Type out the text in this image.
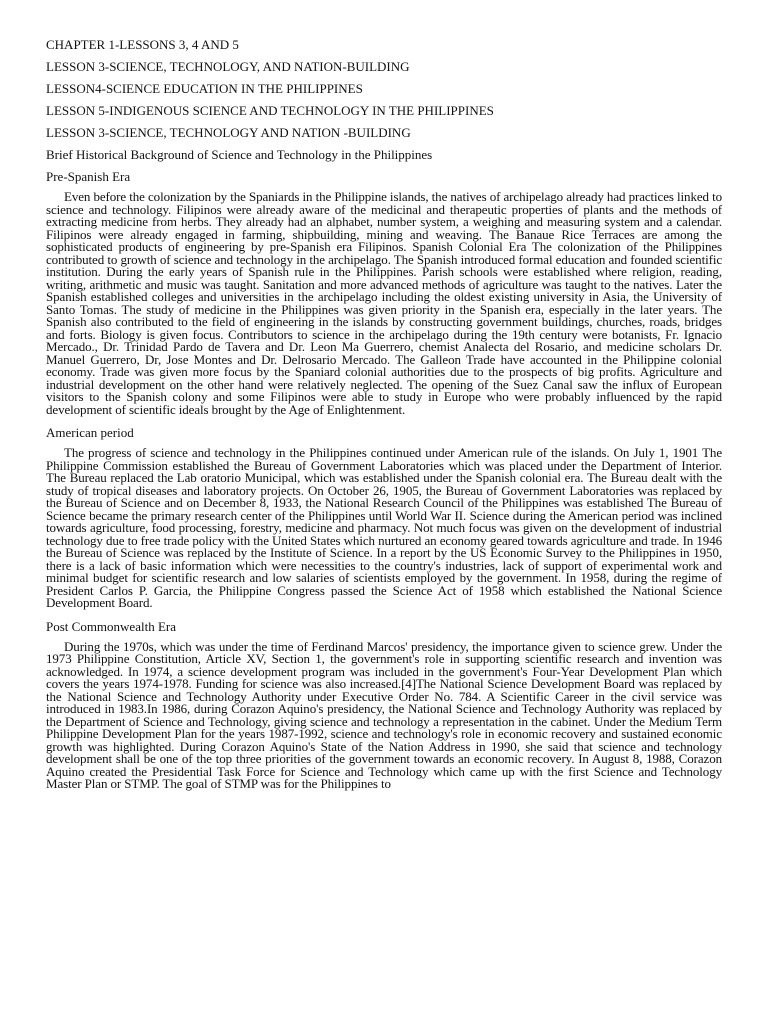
CHAPTER 1-LESSONS 3, 4 AND 5
LESSON 3-SCIENCE, TECHNOLOGY, AND NATION-BUILDING
LESSON4-SCIENCE EDUCATION IN THE PHILIPPINES
LESSON 5-INDIGENOUS SCIENCE AND TECHNOLOGY IN THE PHILIPPINES
LESSON 3-SCIENCE, TECHNOLOGY AND NATION -BUILDING
Brief Historical Background of Science and Technology in the Philippines
Pre-Spanish Era

Even before the colonization by the Spaniards in the Philippine islands, the natives of archipelago already had practices linked to science and technology. Filipinos were already aware of the medicinal and therapeutic properties of plants and the methods of extracting medicine from herbs. They already had an alphabet, number system, a weighing and measuring system and a calendar. Filipinos were already engaged in farming, shipbuilding, mining and weaving. The Banaue Rice Terraces are among the sophisticated products of engineering by pre-Spanish era Filipinos. Spanish Colonial Era The colonization of the Philippines contributed to growth of science and technology in the archipelago. The Spanish introduced formal education and founded scientific institution. During the early years of Spanish rule in the Philippines. Parish schools were established where religion, reading, writing, arithmetic and music was taught. Sanitation and more advanced methods of agriculture was taught to the natives. Later the Spanish established colleges and universities in the archipelago including the oldest existing university in Asia, the University of Santo Tomas. The study of medicine in the Philippines was given priority in the Spanish era, especially in the later years. The Spanish also contributed to the field of engineering in the islands by constructing government buildings, churches, roads, bridges and forts. Biology is given focus. Contributors to science in the archipelago during the 19th century were botanists, Fr. Ignacio Mercado., Dr. Trinidad Pardo de Tavera and Dr. Leon Ma Guerrero, chemist Analecta del Rosario, and medicine scholars Dr. Manuel Guerrero, Dr, Jose Montes and Dr. Delrosario Mercado. The Galleon Trade have accounted in the Philippine colonial economy. Trade was given more focus by the Spaniard colonial authorities due to the prospects of big profits. Agriculture and industrial development on the other hand were relatively neglected. The opening of the Suez Canal saw the influx of European visitors to the Spanish colony and some Filipinos were able to study in Europe who were probably influenced by the rapid development of scientific ideals brought by the Age of Enlightenment.

American period

The progress of science and technology in the Philippines continued under American rule of the islands. On July 1, 1901 The Philippine Commission established the Bureau of Government Laboratories which was placed under the Department of Interior. The Bureau replaced the Lab oratorio Municipal, which was established under the Spanish colonial era. The Bureau dealt with the study of tropical diseases and laboratory projects. On October 26, 1905, the Bureau of Government Laboratories was replaced by the Bureau of Science and on December 8, 1933, the National Research Council of the Philippines was established The Bureau of Science became the primary research center of the Philippines until World War II. Science during the American period was inclined towards agriculture, food processing, forestry, medicine and pharmacy. Not much focus was given on the development of industrial technology due to free trade policy with the United States which nurtured an economy geared towards agriculture and trade. In 1946 the Bureau of Science was replaced by the Institute of Science. In a report by the US Economic Survey to the Philippines in 1950, there is a lack of basic information which were necessities to the country's industries, lack of support of experimental work and minimal budget for scientific research and low salaries of scientists employed by the government. In 1958, during the regime of President Carlos P. Garcia, the Philippine Congress passed the Science Act of 1958 which established the National Science Development Board.

Post Commonwealth Era

During the 1970s, which was under the time of Ferdinand Marcos' presidency, the importance given to science grew. Under the 1973 Philippine Constitution, Article XV, Section 1, the government's role in supporting scientific research and invention was acknowledged. In 1974, a science development program was included in the government's Four-Year Development Plan which covers the years 1974-1978. Funding for science was also increased.[4]The National Science Development Board was replaced by the National Science and Technology Authority under Executive Order No. 784. A Scientific Career in the civil service was introduced in 1983.In 1986, during Corazon Aquino's presidency, the National Science and Technology Authority was replaced by the Department of Science and Technology, giving science and technology a representation in the cabinet. Under the Medium Term Philippine Development Plan for the years 1987-1992, science and technology's role in economic recovery and sustained economic growth was highlighted. During Corazon Aquino's State of the Nation Address in 1990, she said that science and technology development shall be one of the top three priorities of the government towards an economic recovery. In August 8, 1988, Corazon Aquino created the Presidential Task Force for Science and Technology which came up with the first Science and Technology Master Plan or STMP. The goal of STMP was for the Philippines to
